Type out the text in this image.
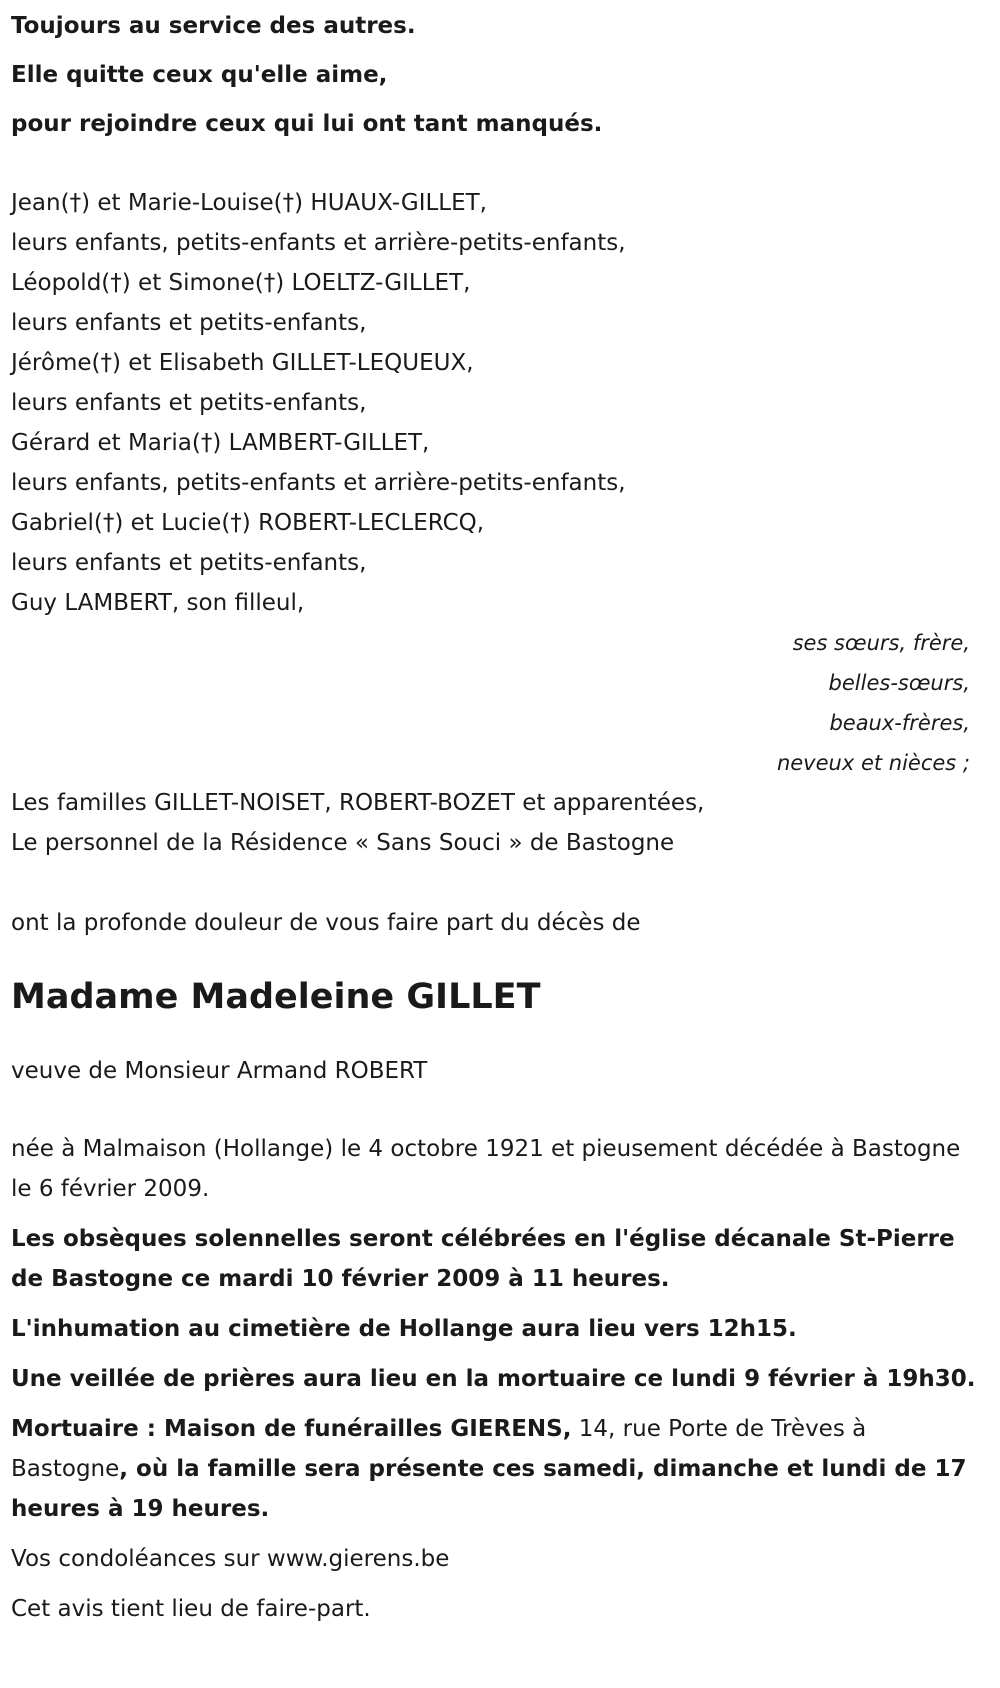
Toujours au service des autres.

Elle quitte ceux qu'elle aime,

pour rejoindre ceux qui lui ont tant manqués.

Jean(†) et Marie-Louise(†) HUAUX-GILLET,

leurs enfants, petits-enfants et arrière-petits-enfants,

Léopold(†) et Simone(†) LOELTZ-GILLET,

leurs enfants et petits-enfants,

Jérôme(†) et Elisabeth GILLET-LEQUEUX,

leurs enfants et petits-enfants,

Gérard et Maria(†) LAMBERT-GILLET,

leurs enfants, petits-enfants et arrière-petits-enfants,

Gabriel(†) et Lucie(†) ROBERT-LECLERCQ,

leurs enfants et petits-enfants,

Guy LAMBERT, son filleul,

ses sœurs, frère,

belles-sœurs,

beaux-frères,

neveux et nièces ;

Les familles GILLET-NOISET, ROBERT-BOZET et apparentées,

Le personnel de la Résidence « Sans Souci » de Bastogne

ont la profonde douleur de vous faire part du décès de

Madame Madeleine GILLET

veuve de Monsieur Armand ROBERT

née à Malmaison (Hollange) le 4 octobre 1921 et pieusement décédée à Bastogne le 6 février 2009.

Les obsèques solennelles seront célébrées en l'église décanale St-Pierre de Bastogne ce mardi 10 février 2009 à 11 heures.

L'inhumation au cimetière de Hollange aura lieu vers 12h15.

Une veillée de prières aura lieu en la mortuaire ce lundi 9 février à 19h30.

Mortuaire : Maison de funérailles GIERENS, 14, rue Porte de Trèves à Bastogne, où la famille sera présente ces samedi, dimanche et lundi de 17 heures à 19 heures.

Vos condoléances sur www.gierens.be

Cet avis tient lieu de faire-part.
